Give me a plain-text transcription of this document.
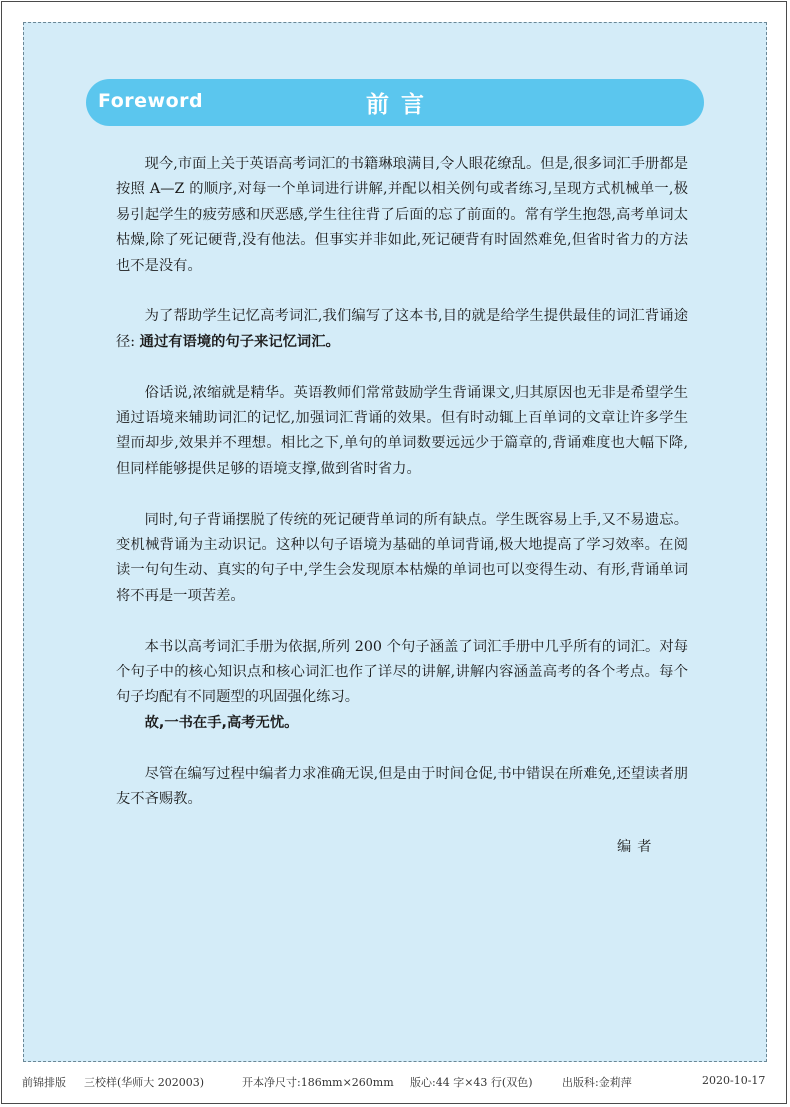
Foreword	前言

现今,市面上关于英语高考词汇的书籍琳琅满目,令人眼花缭乱。但是,很多词汇手册都是按照 A—Z 的顺序,对每一个单词进行讲解,并配以相关例句或者练习,呈现方式机械单一,极易引起学生的疲劳感和厌恶感,学生往往背了后面的忘了前面的。常有学生抱怨,高考单词太枯燥,除了死记硬背,没有他法。但事实并非如此,死记硬背有时固然难免,但省时省力的方法也不是没有。

为了帮助学生记忆高考词汇,我们编写了这本书,目的就是给学生提供最佳的词汇背诵途径: 通过有语境的句子来记忆词汇。

俗话说,浓缩就是精华。英语教师们常常鼓励学生背诵课文,归其原因也无非是希望学生通过语境来辅助词汇的记忆,加强词汇背诵的效果。但有时动辄上百单词的文章让许多学生望而却步,效果并不理想。相比之下,单句的单词数要远远少于篇章的,背诵难度也大幅下降,但同样能够提供足够的语境支撑,做到省时省力。

同时,句子背诵摆脱了传统的死记硬背单词的所有缺点。学生既容易上手,又不易遗忘。变机械背诵为主动识记。这种以句子语境为基础的单词背诵,极大地提高了学习效率。在阅读一句句生动、真实的句子中,学生会发现原本枯燥的单词也可以变得生动、有形,背诵单词将不再是一项苦差。

本书以高考词汇手册为依据,所列 200 个句子涵盖了词汇手册中几乎所有的词汇。对每个句子中的核心知识点和核心词汇也作了详尽的讲解,讲解内容涵盖高考的各个考点。每个句子均配有不同题型的巩固强化练习。

故,一书在手,高考无忧。

尽管在编写过程中编者力求准确无误,但是由于时间仓促,书中错误在所难免,还望读者朋友不吝赐教。

编者
前锦排版 三校样(华师大 202003)	开本净尺寸:186mm×260mm 版心:44 字×43 行(双色)	出版科:金莉萍	2020-10-17
